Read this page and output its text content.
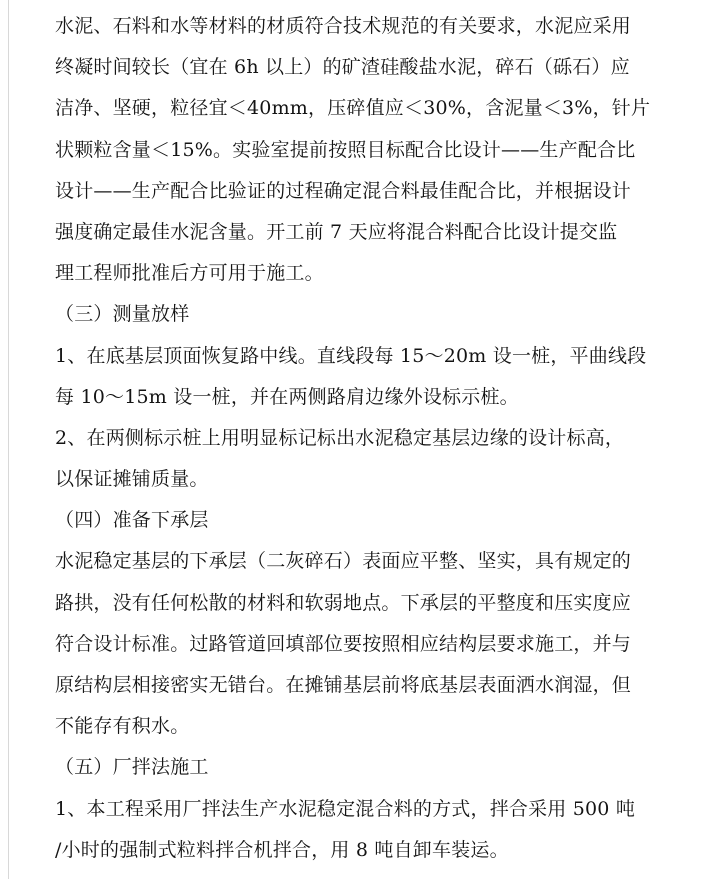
水泥、石料和水等材料的材质符合技术规范的有关要求，水泥应采用
终凝时间较长（宜在 6h 以上）的矿渣硅酸盐水泥，碎石（砾石）应
洁净、坚硬，粒径宜＜40mm，压碎值应＜30%，含泥量＜3%，针片
状颗粒含量＜15%。实验室提前按照目标配合比设计——生产配合比
设计——生产配合比验证的过程确定混合料最佳配合比，并根据设计
强度确定最佳水泥含量。开工前 7 天应将混合料配合比设计提交监
理工程师批准后方可用于施工。
（三）测量放样
1、在底基层顶面恢复路中线。直线段每 15～20m 设一桩，平曲线段
每 10～15m 设一桩，并在两侧路肩边缘外设标示桩。
2、在两侧标示桩上用明显标记标出水泥稳定基层边缘的设计标高，
以保证摊铺质量。
（四）准备下承层
水泥稳定基层的下承层（二灰碎石）表面应平整、坚实，具有规定的
路拱，没有任何松散的材料和软弱地点。下承层的平整度和压实度应
符合设计标准。过路管道回填部位要按照相应结构层要求施工，并与
原结构层相接密实无错台。在摊铺基层前将底基层表面洒水润湿，但
不能存有积水。
（五）厂拌法施工
1、本工程采用厂拌法生产水泥稳定混合料的方式，拌合采用 500 吨
/小时的强制式粒料拌合机拌合，用 8 吨自卸车装运。
